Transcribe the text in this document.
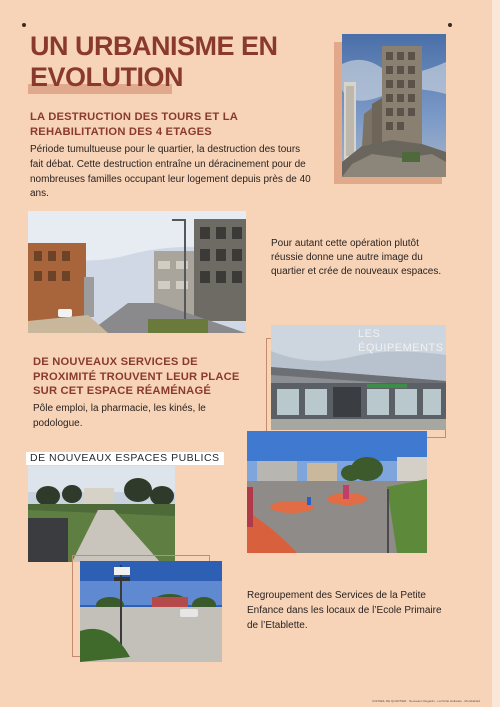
UN URBANISME EN
EVOLUTION
LA DESTRUCTION DES TOURS ET LA
REHABILITATION DES 4 ETAGES
Période tumultueuse pour le quartier, la destruction des tours
fait débat. Cette destruction entraîne un déracinement pour de
nombreuses familles occupant leur logement depuis près de 40
ans.
Pour autant cette opération plutôt
réussie donne une autre image du
quartier et crée de nouveaux espaces.
LES
ÉQUIPEMENTS
DE NOUVEAUX SERVICES DE
PROXIMITÉ TROUVENT LEUR PLACE
SUR CET ESPACE RÉAMÉNAGÉ
Pôle emploi, la pharmacie, les kinés, le
podologue.
DE NOUVEAUX ESPACES PUBLICS
Regroupement des Services de la Petite
Enfance dans les locaux de l’Ecole Primaire
de l’Etablette.
CONSEIL DE QUARTIER · Nouveaux Regards · La Petite Hollande · Montbéliard
